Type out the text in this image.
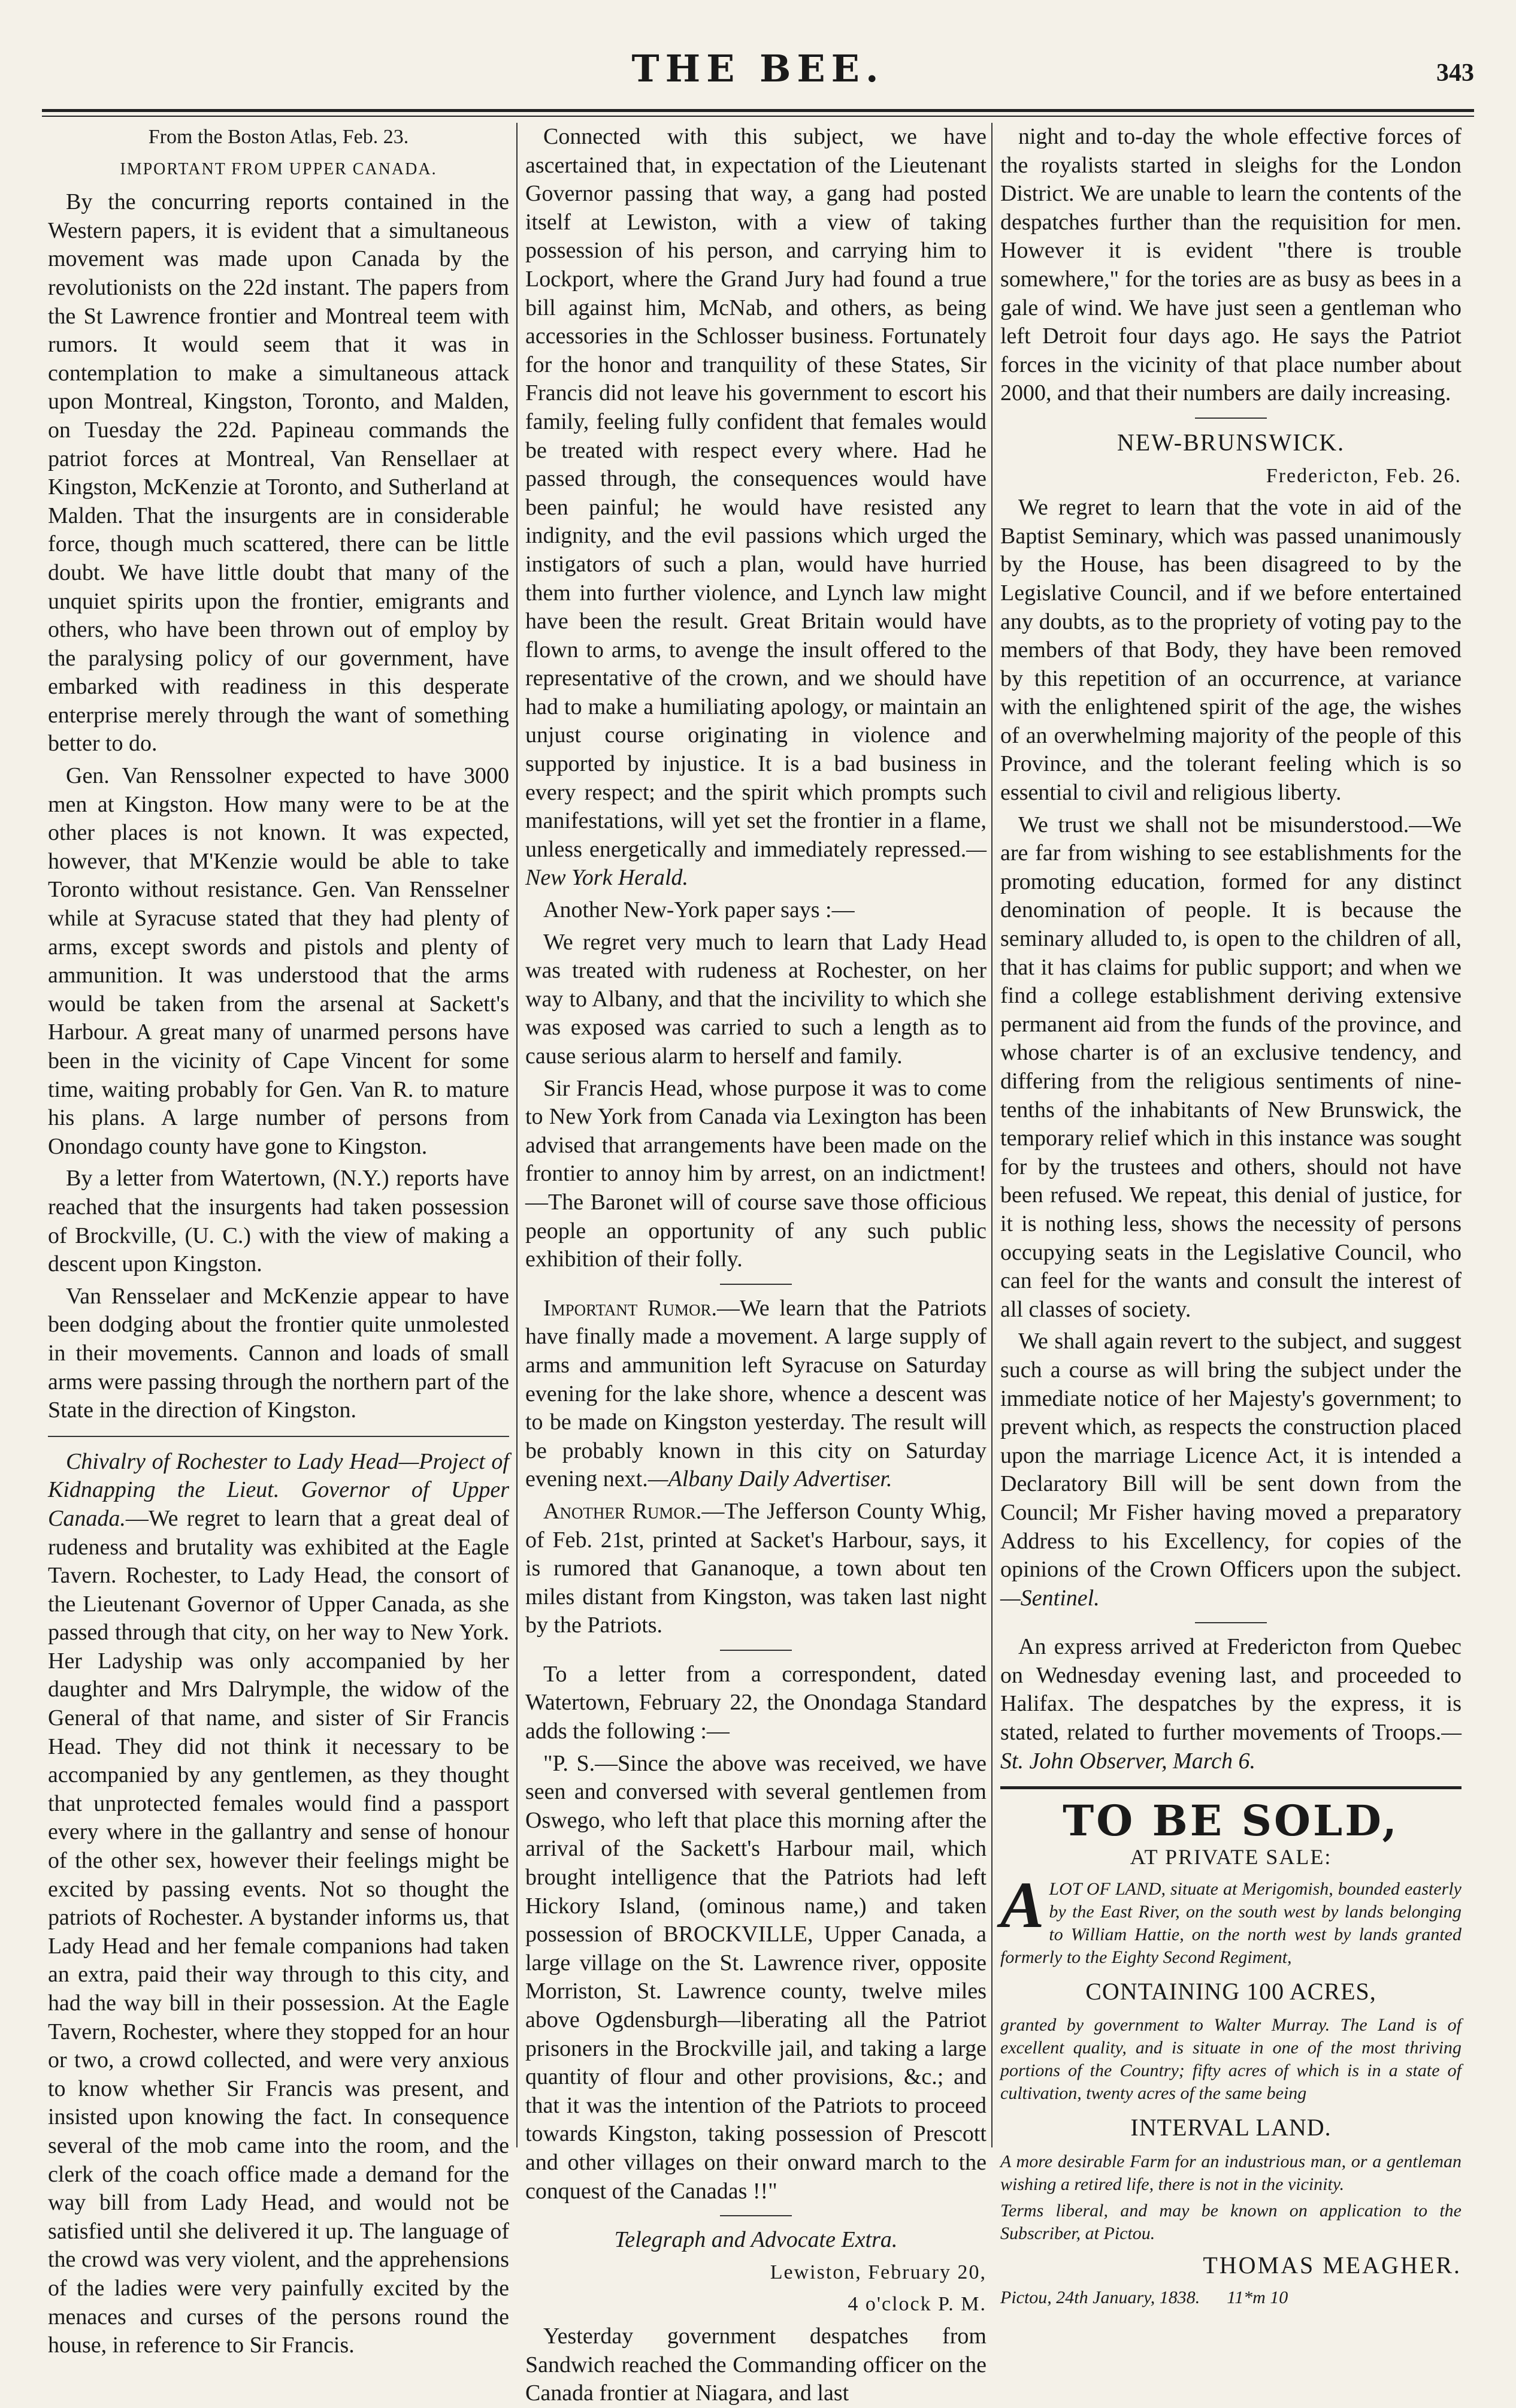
THE BEE.	343

From the Boston Atlas, Feb. 23.

IMPORTANT FROM UPPER CANADA.

By the concurring reports contained in the Western papers, it is evident that a simultaneous movement was made upon Canada by the revolutionists on the 22d instant. The papers from the St Lawrence frontier and Montreal teem with rumors. It would seem that it was in contemplation to make a simultaneous attack upon Montreal, Kingston, Toronto, and Malden, on Tuesday the 22d. Papineau commands the patriot forces at Montreal, Van Rensellaer at Kingston, McKenzie at Toronto, and Sutherland at Malden. That the insurgents are in considerable force, though much scattered, there can be little doubt. We have little doubt that many of the unquiet spirits upon the frontier, emigrants and others, who have been thrown out of employ by the paralysing policy of our government, have embarked with readiness in this desperate enterprise merely through the want of something better to do.

Gen. Van Renssolner expected to have 3000 men at Kingston. How many were to be at the other places is not known. It was expected, however, that M'Kenzie would be able to take Toronto without resistance. Gen. Van Rensselner while at Syracuse stated that they had plenty of arms, except swords and pistols and plenty of ammunition. It was understood that the arms would be taken from the arsenal at Sackett's Harbour. A great many of unarmed persons have been in the vicinity of Cape Vincent for some time, waiting probably for Gen. Van R. to mature his plans. A large number of persons from Onondago county have gone to Kingston.

By a letter from Watertown, (N.Y.) reports have reached that the insurgents had taken possession of Brockville, (U. C.) with the view of making a descent upon Kingston.

Van Rensselaer and McKenzie appear to have been dodging about the frontier quite unmolested in their movements. Cannon and loads of small arms were passing through the northern part of the State in the direction of Kingston.

Chivalry of Rochester to Lady Head—Project of Kidnapping the Lieut. Governor of Upper Canada.—We regret to learn that a great deal of rudeness and brutality was exhibited at the Eagle Tavern. Rochester, to Lady Head, the consort of the Lieutenant Governor of Upper Canada, as she passed through that city, on her way to New York. Her Ladyship was only accompanied by her daughter and Mrs Dalrymple, the widow of the General of that name, and sister of Sir Francis Head. They did not think it necessary to be accompanied by any gentlemen, as they thought that unprotected females would find a passport every where in the gallantry and sense of honour of the other sex, however their feelings might be excited by passing events. Not so thought the patriots of Rochester. A bystander informs us, that Lady Head and her female companions had taken an extra, paid their way through to this city, and had the way bill in their possession. At the Eagle Tavern, Rochester, where they stopped for an hour or two, a crowd collected, and were very anxious to know whether Sir Francis was present, and insisted upon knowing the fact. In consequence several of the mob came into the room, and the clerk of the coach office made a demand for the way bill from Lady Head, and would not be satisfied until she delivered it up. The language of the crowd was very violent, and the apprehensions of the ladies were very painfully excited by the menaces and curses of the persons round the house, in reference to Sir Francis.

Connected with this subject, we have ascertained that, in expectation of the Lieutenant Governor passing that way, a gang had posted itself at Lewiston, with a view of taking possession of his person, and carrying him to Lockport, where the Grand Jury had found a true bill against him, McNab, and others, as being accessories in the Schlosser business. Fortunately for the honor and tranquility of these States, Sir Francis did not leave his government to escort his family, feeling fully confident that females would be treated with respect every where. Had he passed through, the consequences would have been painful; he would have resisted any indignity, and the evil passions which urged the instigators of such a plan, would have hurried them into further violence, and Lynch law might have been the result. Great Britain would have flown to arms, to avenge the insult offered to the representative of the crown, and we should have had to make a humiliating apology, or maintain an unjust course originating in violence and supported by injustice. It is a bad business in every respect; and the spirit which prompts such manifestations, will yet set the frontier in a flame, unless energetically and immediately repressed.—New York Herald.

Another New-York paper says :—

We regret very much to learn that Lady Head was treated with rudeness at Rochester, on her way to Albany, and that the incivility to which she was exposed was carried to such a length as to cause serious alarm to herself and family.

Sir Francis Head, whose purpose it was to come to New York from Canada via Lexington has been advised that arrangements have been made on the frontier to annoy him by arrest, on an indictment!—The Baronet will of course save those officious people an opportunity of any such public exhibition of their folly.

Important Rumor.—We learn that the Patriots have finally made a movement. A large supply of arms and ammunition left Syracuse on Saturday evening for the lake shore, whence a descent was to be made on Kingston yesterday. The result will be probably known in this city on Saturday evening next.—Albany Daily Advertiser.

Another Rumor.—The Jefferson County Whig, of Feb. 21st, printed at Sacket's Harbour, says, it is rumored that Gananoque, a town about ten miles distant from Kingston, was taken last night by the Patriots.

To a letter from a correspondent, dated Watertown, February 22, the Onondaga Standard adds the following :—

"P. S.—Since the above was received, we have seen and conversed with several gentlemen from Oswego, who left that place this morning after the arrival of the Sackett's Harbour mail, which brought intelligence that the Patriots had left Hickory Island, (ominous name,) and taken possession of BROCKVILLE, Upper Canada, a large village on the St. Lawrence river, opposite Morriston, St. Lawrence county, twelve miles above Ogdensburgh—liberating all the Patriot prisoners in the Brockville jail, and taking a large quantity of flour and other provisions, &c.; and that it was the intention of the Patriots to proceed towards Kingston, taking possession of Prescott and other villages on their onward march to the conquest of the Canadas !!"

Telegraph and Advocate Extra.

Lewiston, February 20,

4 o'clock P. M.

Yesterday government despatches from Sandwich reached the Commanding officer on the Canada frontier at Niagara, and last

night and to-day the whole effective forces of the royalists started in sleighs for the London District. We are unable to learn the contents of the despatches further than the requisition for men. However it is evident "there is trouble somewhere," for the tories are as busy as bees in a gale of wind. We have just seen a gentleman who left Detroit four days ago. He says the Patriot forces in the vicinity of that place number about 2000, and that their numbers are daily increasing.

NEW-BRUNSWICK.

Fredericton, Feb. 26.

We regret to learn that the vote in aid of the Baptist Seminary, which was passed unanimously by the House, has been disagreed to by the Legislative Council, and if we before entertained any doubts, as to the propriety of voting pay to the members of that Body, they have been removed by this repetition of an occurrence, at variance with the enlightened spirit of the age, the wishes of an overwhelming majority of the people of this Province, and the tolerant feeling which is so essential to civil and religious liberty.

We trust we shall not be misunderstood.—We are far from wishing to see establishments for the promoting education, formed for any distinct denomination of people. It is because the seminary alluded to, is open to the children of all, that it has claims for public support; and when we find a college establishment deriving extensive permanent aid from the funds of the province, and whose charter is of an exclusive tendency, and differing from the religious sentiments of nine-tenths of the inhabitants of New Brunswick, the temporary relief which in this instance was sought for by the trustees and others, should not have been refused. We repeat, this denial of justice, for it is nothing less, shows the necessity of persons occupying seats in the Legislative Council, who can feel for the wants and consult the interest of all classes of society.

We shall again revert to the subject, and suggest such a course as will bring the subject under the immediate notice of her Majesty's government; to prevent which, as respects the construction placed upon the marriage Licence Act, it is intended a Declaratory Bill will be sent down from the Council; Mr Fisher having moved a preparatory Address to his Excellency, for copies of the opinions of the Crown Officers upon the subject.—Sentinel.

An express arrived at Fredericton from Quebec on Wednesday evening last, and proceeded to Halifax. The despatches by the express, it is stated, related to further movements of Troops.—St. John Observer, March 6.

TO BE SOLD,

AT PRIVATE SALE:

ALOT OF LAND, situate at Merigomish, bounded easterly by the East River, on the south west by lands belonging to William Hattie, on the north west by lands granted formerly to the Eighty Second Regiment,

CONTAINING 100 ACRES,

granted by government to Walter Murray. The Land is of excellent quality, and is situate in one of the most thriving portions of the Country; fifty acres of which is in a state of cultivation, twenty acres of the same being

INTERVAL LAND.

A more desirable Farm for an industrious man, or a gentleman wishing a retired life, there is not in the vicinity.

Terms liberal, and may be known on application to the Subscriber, at Pictou.

THOMAS MEAGHER.

Pictou, 24th January, 1838. 11*m 10
